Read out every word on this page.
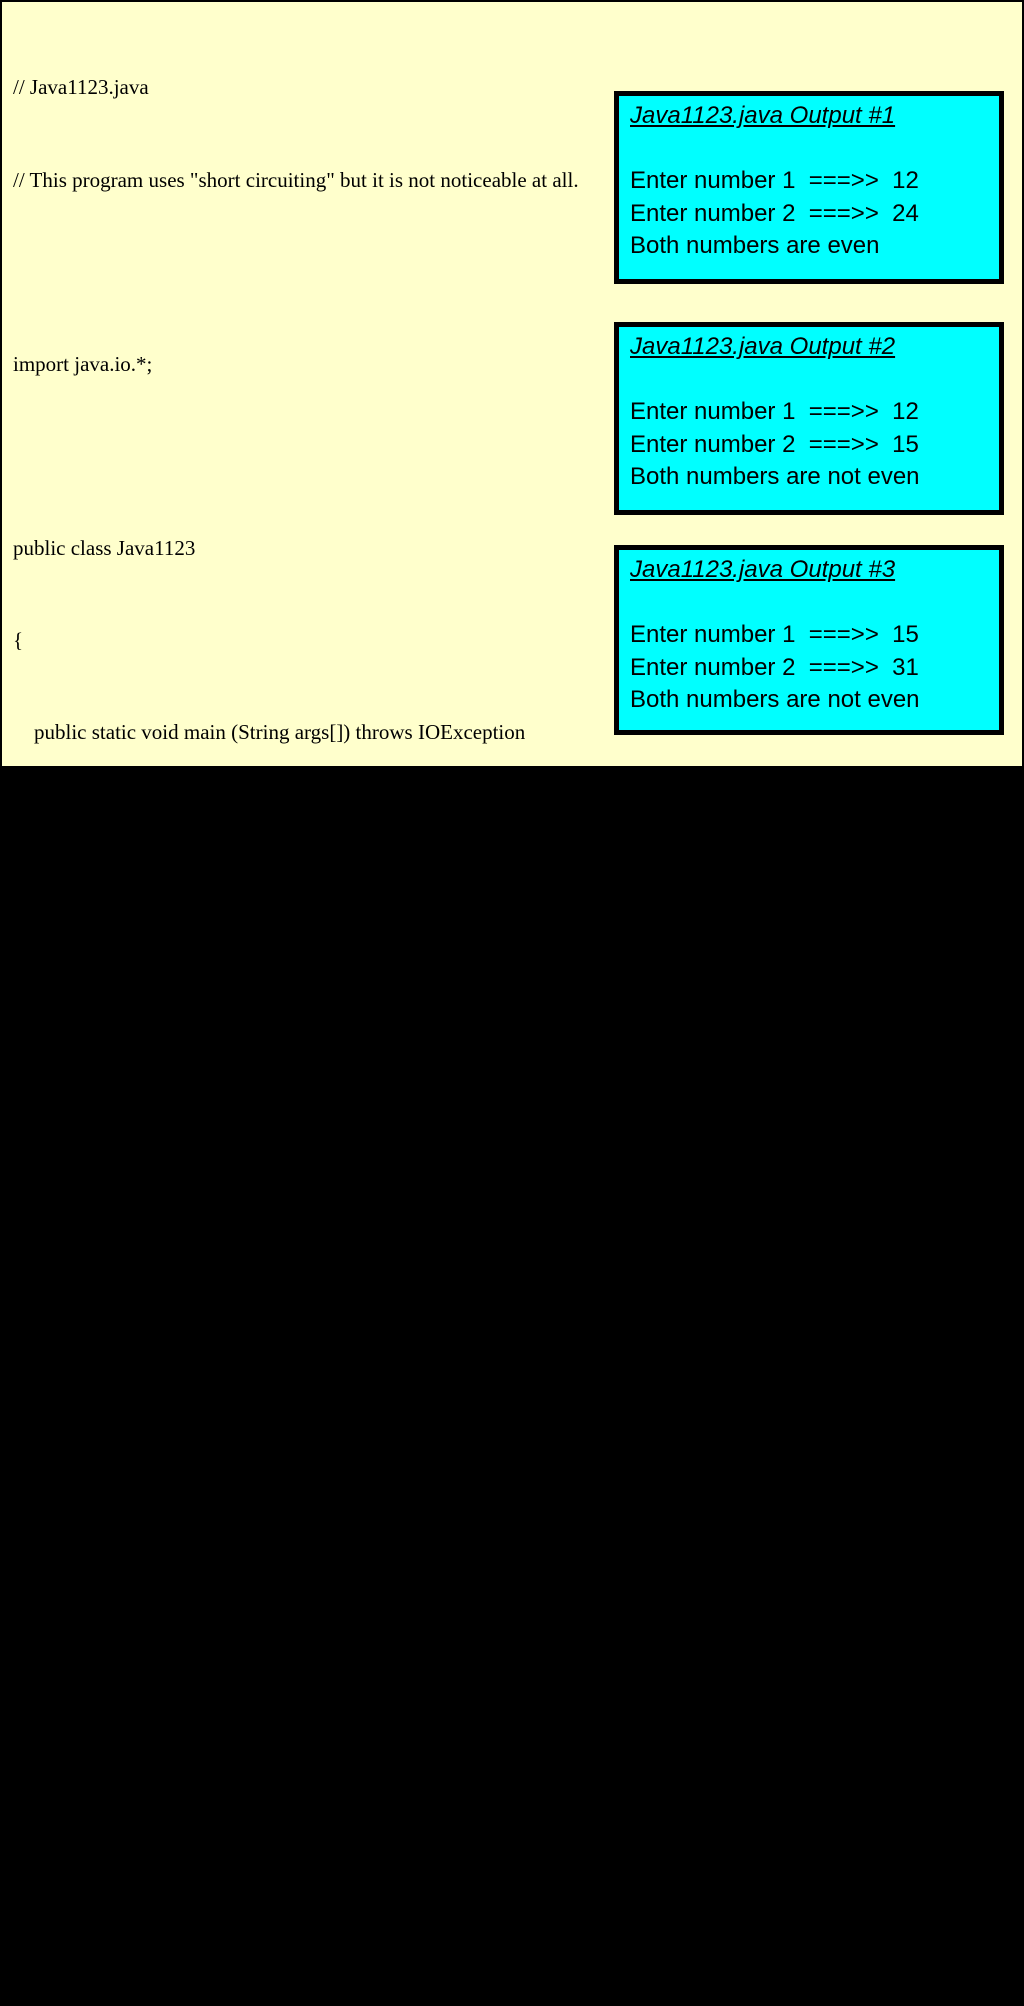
// Java1123.java

// This program uses "short circuiting" but it is not noticeable at all.

import java.io.*;

public class Java1123

{

	public static void main (String args[]) throws IOException

	{

		BufferedReader input = new BufferedReader(new InputStreamReader(System.in));

		System.out.print("Enter number 1  ===>>  ");

		int n1 = Integer.parseInt(input.readLine());

		System.out.print("Enter number 2  ===>>  ");

		int n2 = Integer.parseInt(input.readLine());

		if (n1 % 2 == 0 && n2 % 2 == 0)

			System.out.println("Both numbers are even");

		else

			System.out.println("Both numbers are not even");

	}

}

Java1123.java Output #1
Enter number 1  ===>>  12
Enter number 2  ===>>  24
Both numbers are even
Java1123.java Output #2
Enter number 1  ===>>  12
Enter number 2  ===>>  15
Both numbers are not even
Java1123.java Output #3
Enter number 1  ===>>  15
Enter number 2  ===>>  31
Both numbers are not even
